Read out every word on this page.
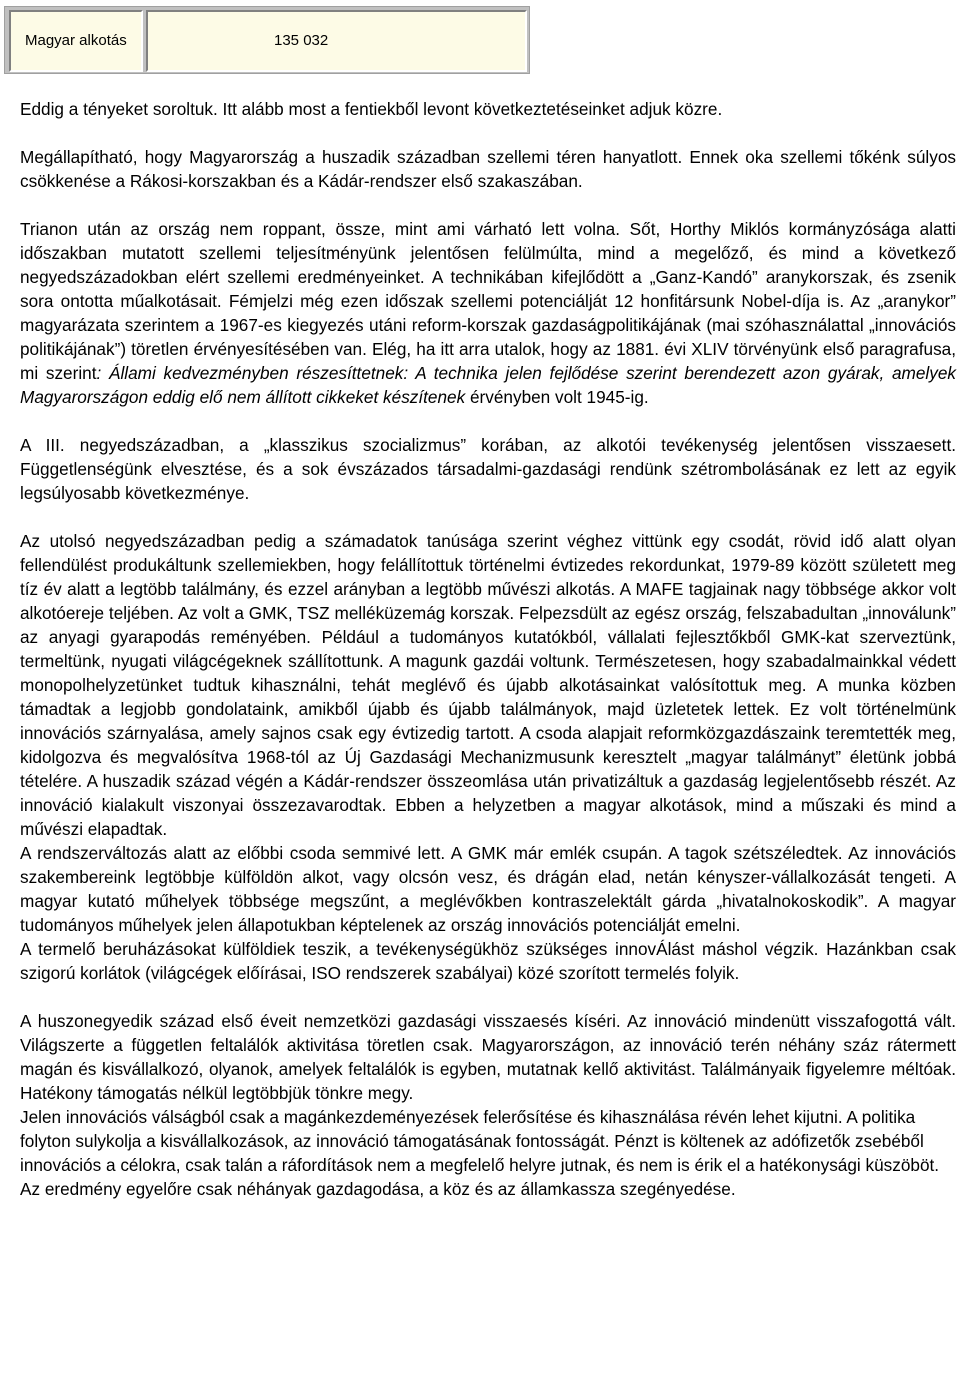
Magyar alkotás	135 032

Eddig a tényeket soroltuk. Itt alább most a fentiekből levont következtetéseinket adjuk közre.

Megállapítható, hogy Magyarország a huszadik században szellemi téren hanyatlott. Ennek oka szellemi tőkénk súlyos csökkenése a Rákosi-korszakban és a Kádár-rendszer első szakaszában.

Trianon után az ország nem roppant, össze, mint ami várható lett volna. Sőt, Horthy Miklós kormányzósága alatti időszakban mutatott szellemi teljesítményünk jelentősen felülmúlta, mind a megelőző, és mind a következő negyedszázadokban elért szellemi eredményeinket. A technikában kifejlődött a „Ganz-Kandó” aranykorszak, és zsenik sora ontotta műalkotásait. Fémjelzi még ezen időszak szellemi potenciálját 12 honfitársunk Nobel-díja is. Az „aranykor” magyarázata szerintem a 1967-es kiegyezés utáni reform-korszak gazdaságpolitikájának (mai szóhasználattal „innovációs politikájának”) töretlen érvényesítésében van. Elég, ha itt arra utalok, hogy az 1881. évi XLIV törvényünk első paragrafusa, mi szerint: Állami kedvezményben részesíttetnek: A technika jelen fejlődése szerint berendezett azon gyárak, amelyek Magyarországon eddig elő nem állított cikkeket készítenek érvényben volt 1945-ig.

A III. negyedszázadban, a „klasszikus szocializmus” korában, az alkotói tevékenység jelentősen visszaesett. Függetlenségünk elvesztése, és a sok évszázados társadalmi-gazdasági rendünk szétrombolásának ez lett az egyik legsúlyosabb következménye.

Az utolsó negyedszázadban pedig a számadatok tanúsága szerint véghez vittünk egy csodát, rövid idő alatt olyan fellendülést produkáltunk szellemiekben, hogy felállítottuk történelmi évtizedes rekordunkat, 1979-89 között született meg tíz év alatt a legtöbb találmány, és ezzel arányban a legtöbb művészi alkotás. A MAFE tagjainak nagy többsége akkor volt alkotóereje teljében. Az volt a GMK, TSZ melléküzemág korszak. Felpezsdült az egész ország, felszabadultan „innoválunk” az anyagi gyarapodás reményében. Például a tudományos kutatókból, vállalati fejlesztőkből GMK-kat szerveztünk, termeltünk, nyugati világcégeknek szállítottunk. A magunk gazdái voltunk. Természetesen, hogy szabadalmainkkal védett monopolhelyzetünket tudtuk kihasználni, tehát meglévő és újabb alkotásainkat valósítottuk meg. A munka közben támadtak a legjobb gondolataink, amikből újabb és újabb találmányok, majd üzletetek lettek. Ez volt történelmünk innovációs szárnyalása, amely sajnos csak egy évtizedig tartott. A csoda alapjait reformközgazdászaink teremtették meg, kidolgozva és megvalósítva 1968-tól az Új Gazdasági Mechanizmusunk keresztelt „magyar találmányt” életünk jobbá tételére. A huszadik század végén a Kádár-rendszer összeomlása után privatizáltuk a gazdaság legjelentősebb részét. Az innováció kialakult viszonyai összezavarodtak. Ebben a helyzetben a magyar alkotások, mind a műszaki és mind a művészi elapadtak.

A rendszerváltozás alatt az előbbi csoda semmivé lett. A GMK már emlék csupán. A tagok szétszéledtek. Az innovációs szakembereink legtöbbje külföldön alkot, vagy olcsón vesz, és drágán elad, netán kényszer-vállalkozását tengeti. A magyar kutató műhelyek többsége megszűnt, a meglévőkben kontraszelektált gárda „hivatalnokoskodik”. A magyar tudományos műhelyek jelen állapotukban képtelenek az ország innovációs potenciálját emelni.

A termelő beruházásokat külföldiek teszik, a tevékenységükhöz szükséges innovÁlást máshol végzik. Hazánkban csak szigorú korlátok (világcégek előírásai, ISO rendszerek szabályai) közé szorított termelés folyik.

A huszonegyedik század első éveit nemzetközi gazdasági visszaesés kíséri. Az innováció mindenütt visszafogottá vált. Világszerte a független feltalálók aktivitása töretlen csak. Magyarországon, az innováció terén néhány száz rátermett magán és kisvállalkozó, olyanok, amelyek feltalálók is egyben, mutatnak kellő aktivitást. Találmányaik figyelemre méltóak. Hatékony támogatás nélkül legtöbbjük tönkre megy.

Jelen innovációs válságból csak a magánkezdeményezések felerősítése és kihasználása révén lehet kijutni. A politika folyton sulykolja a kisvállalkozások, az innováció támogatásának fontosságát. Pénzt is költenek az adófizetők zsebéből innovációs a célokra, csak talán a ráfordítások nem a megfelelő helyre jutnak, és nem is érik el a hatékonysági küszöböt. Az eredmény egyelőre csak néhányak gazdagodása, a köz és az államkassza szegényedése.
